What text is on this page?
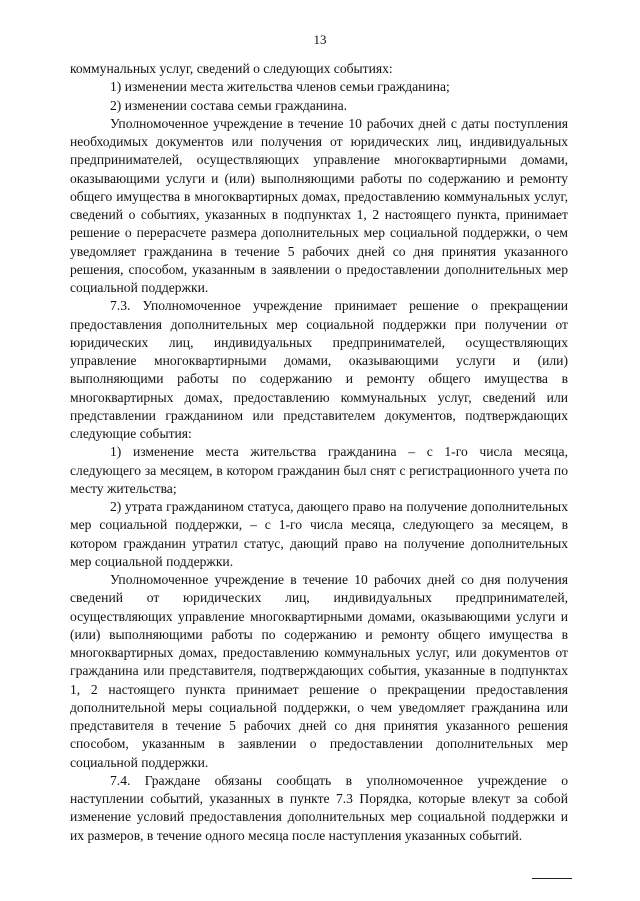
13

коммунальных услуг, сведений о следующих событиях:

1) изменении места жительства членов семьи гражданина;

2) изменении состава семьи гражданина.

Уполномоченное учреждение в течение 10 рабочих дней с даты поступления необходимых документов или получения от юридических лиц, индивидуальных предпринимателей, осуществляющих управление многоквартирными домами, оказывающими услуги и (или) выполняющими работы по содержанию и ремонту общего имущества в многоквартирных домах, предоставлению коммунальных услуг, сведений о событиях, указанных в подпунктах 1, 2 настоящего пункта, принимает решение о перерасчете размера дополнительных мер социальной поддержки, о чем уведомляет гражданина в течение 5 рабочих дней со дня принятия указанного решения, способом, указанным в заявлении о предоставлении дополнительных мер социальной поддержки.

7.3. Уполномоченное учреждение принимает решение о прекращении предоставления дополнительных мер социальной поддержки при получении от юридических лиц, индивидуальных предпринимателей, осуществляющих управление многоквартирными домами, оказывающими услуги и (или) выполняющими работы по содержанию и ремонту общего имущества в многоквартирных домах, предоставлению коммунальных услуг, сведений или представлении гражданином или представителем документов, подтверждающих следующие события:

1) изменение места жительства гражданина – с 1-го числа месяца, следующего за месяцем, в котором гражданин был снят с регистрационного учета по месту жительства;

2) утрата гражданином статуса, дающего право на получение дополнительных мер социальной поддержки, – с 1-го числа месяца, следующего за месяцем, в котором гражданин утратил статус, дающий право на получение дополнительных мер социальной поддержки.

Уполномоченное учреждение в течение 10 рабочих дней со дня получения сведений от юридических лиц, индивидуальных предпринимателей, осуществляющих управление многоквартирными домами, оказывающими услуги и (или) выполняющими работы по содержанию и ремонту общего имущества в многоквартирных домах, предоставлению коммунальных услуг, или документов от гражданина или представителя, подтверждающих события, указанные в подпунктах 1, 2 настоящего пункта принимает решение о прекращении предоставления дополнительной меры социальной поддержки, о чем уведомляет гражданина или представителя в течение 5 рабочих дней со дня принятия указанного решения способом, указанным в заявлении о предоставлении дополнительных мер социальной поддержки.

7.4. Граждане обязаны сообщать в уполномоченное учреждение о наступлении событий, указанных в пункте 7.3 Порядка, которые влекут за собой изменение условий предоставления дополнительных мер социальной поддержки и их размеров, в течение одного месяца после наступления указанных событий.
